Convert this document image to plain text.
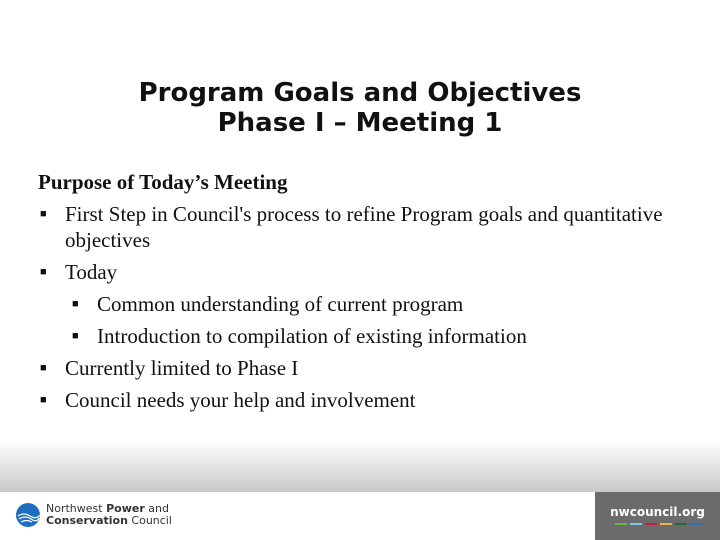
Program Goals and Objectives
Phase I – Meeting 1
Purpose of Today’s Meeting
■ First Step in Council's process to refine Program goals and quantitative objectives
■ Today
■ Common understanding of current program
■ Introduction to compilation of existing information
■ Currently limited to Phase I
■ Council needs your help and involvement
Northwest Power and
Conservation Council
nwcouncil.org
